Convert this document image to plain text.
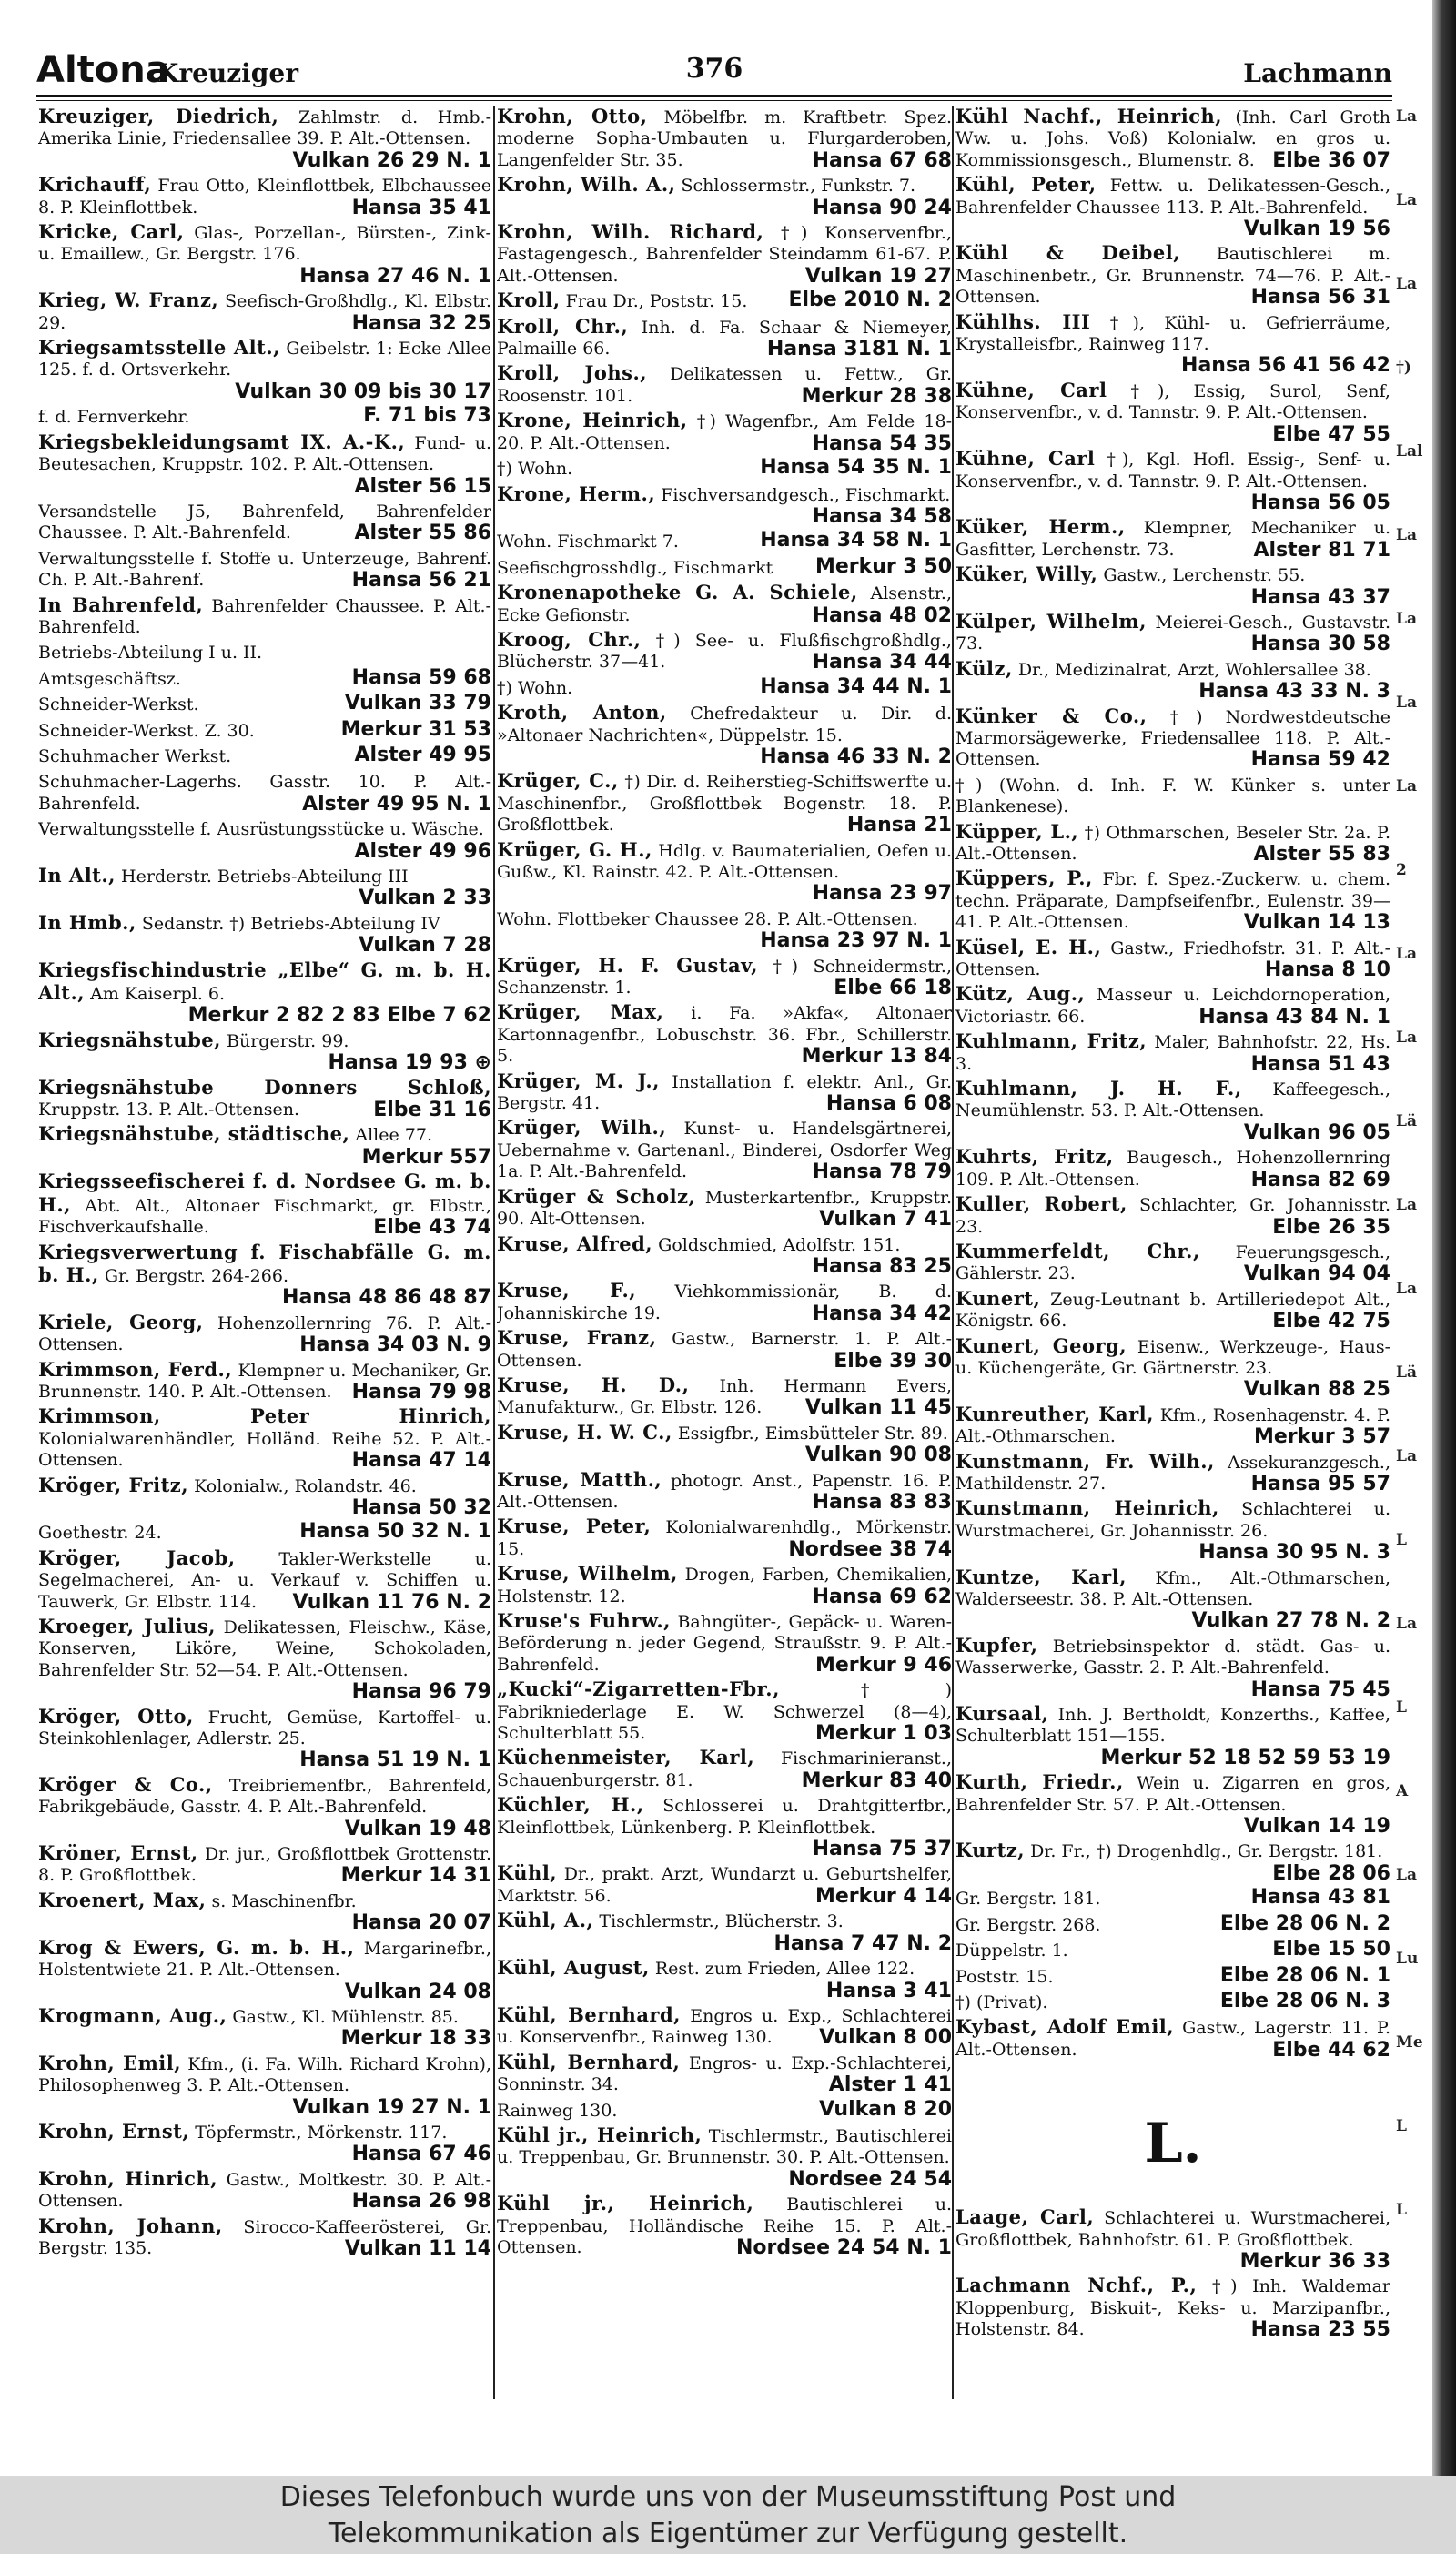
Altona
Kreuziger	376	Lachmann
Kreuziger, Diedrich, Zahlmstr. d. Hmb.-Amerika Linie, Friedensallee 39. P. Alt.-Ottensen.
Vulkan 26 29 N. 1
Krichauff, Frau Otto, Kleinflottbek, Elbchaussee 8. P. Kleinflottbek.	Hansa 35 41
Kricke, Carl, Glas-, Porzellan-, Bürsten-, Zink- u. Emaillew., Gr. Bergstr. 176.
Hansa 27 46 N. 1
Krieg, W. Franz, Seefisch-Großhdlg., Kl. Elbstr. 29.	Hansa 32 25
Kriegsamtsstelle Alt., Geibelstr. 1: Ecke Allee 125. f. d. Ortsverkehr.
Vulkan 30 09 bis 30 17
f. d. Fernverkehr.	F. 71 bis 73
Kriegsbekleidungsamt IX. A.-K., Fund- u. Beutesachen, Kruppstr. 102. P. Alt.-Ottensen.
Alster 56 15
Versandstelle J5, Bahrenfeld, Bahrenfelder Chaussee. P. Alt.-Bahrenfeld.	Alster 55 86
Verwaltungsstelle f. Stoffe u. Unterzeuge, Bahrenf. Ch. P. Alt.-Bahrenf.	Hansa 56 21
In Bahrenfeld, Bahrenfelder Chaussee. P. Alt.-Bahrenfeld.
Betriebs-Abteilung I u. II.
Amtsgeschäftsz.	Hansa 59 68
Schneider-Werkst.	Vulkan 33 79
Schneider-Werkst. Z. 30.	Merkur 31 53
Schuhmacher Werkst.	Alster 49 95
Schuhmacher-Lagerhs. Gasstr. 10. P. Alt.-Bahrenfeld.	Alster 49 95 N. 1
Verwaltungsstelle f. Ausrüstungsstücke u. Wäsche.
Alster 49 96
In Alt., Herderstr. Betriebs-Abteilung III
Vulkan 2 33
In Hmb., Sedanstr. †) Betriebs-Abteilung IV
Vulkan 7 28
Kriegsfischindustrie „Elbe“ G. m. b. H. Alt., Am Kaiserpl. 6.
Merkur 2 82 2 83 Elbe 7 62
Kriegsnähstube, Bürgerstr. 99.
Hansa 19 93 ⊕
Kriegsnähstube Donners Schloß, Kruppstr. 13. P. Alt.-Ottensen.	Elbe 31 16
Kriegsnähstube, städtische, Allee 77.
Merkur 557
Kriegsseefischerei f. d. Nordsee G. m. b. H., Abt. Alt., Altonaer Fischmarkt, gr. Elbstr., Fischverkaufshalle.	Elbe 43 74
Kriegsverwertung f. Fischabfälle G. m. b. H., Gr. Bergstr. 264-266.
Hansa 48 86 48 87
Kriele, Georg, Hohenzollernring 76. P. Alt.-Ottensen.	Hansa 34 03 N. 9
Krimmson, Ferd., Klempner u. Mechaniker, Gr. Brunnenstr. 140. P. Alt.-Ottensen. Hansa 79 98
Krimmson, Peter Hinrich, Kolonialwarenhändler, Holländ. Reihe 52. P. Alt.-Ottensen.	Hansa 47 14
Kröger, Fritz, Kolonialw., Rolandstr. 46.
Hansa 50 32
Goethestr. 24.	Hansa 50 32 N. 1
Kröger, Jacob,	Takler-Werkstelle u. Segelmacherei, An- u. Verkauf v. Schiffen u. Tauwerk, Gr. Elbstr. 114. Vulkan 11 76 N. 2
Kroeger, Julius, Delikatessen, Fleischw., Käse, Konserven, Liköre, Weine, Schokoladen, Bahrenfelder Str. 52—54. P. Alt.-Ottensen.
Hansa 96 79
Kröger, Otto, Frucht, Gemüse, Kartoffel- u. Steinkohlenlager, Adlerstr. 25.
Hansa 51 19 N. 1
Kröger & Co., Treibriemenfbr., Bahrenfeld, Fabrikgebäude, Gasstr. 4. P. Alt.-Bahrenfeld.
Vulkan 19 48
Kröner, Ernst, Dr. jur., Großflottbek Grottenstr. 8. P. Großflottbek.	Merkur 14 31
Kroenert, Max, s. Maschinenfbr.
Hansa 20 07
Krog & Ewers, G. m. b. H., Margarinefbr., Holstentwiete 21. P. Alt.-Ottensen.
Vulkan 24 08
Krogmann, Aug., Gastw., Kl. Mühlenstr. 85.
Merkur 18 33
Krohn, Emil, Kfm., (i. Fa. Wilh. Richard Krohn), Philosophenweg 3. P. Alt.-Ottensen.
Vulkan 19 27 N. 1
Krohn, Ernst, Töpfermstr., Mörkenstr. 117.
Hansa 67 46
Krohn, Hinrich, Gastw., Moltkestr. 30. P. Alt.-Ottensen.	Hansa 26 98
Krohn, Johann, Sirocco-Kaffeerösterei, Gr. Bergstr. 135.	Vulkan 11 14
Krohn, Otto, Möbelfbr. m. Kraftbetr. Spez. moderne Sopha-Umbauten u. Flurgarderoben, Langenfelder Str. 35.	Hansa 67 68
Krohn, Wilh. A., Schlossermstr., Funkstr. 7.
Hansa 90 24
Krohn, Wilh. Richard, †) Konservenfbr., Fastagengesch., Bahrenfelder Steindamm 61-67. P. Alt.-Ottensen.	Vulkan 19 27
Kroll, Frau Dr., Poststr. 15. Elbe 2010 N. 2
Kroll, Chr., Inh. d. Fa. Schaar & Niemeyer, Palmaille 66.	Hansa 3181 N. 1
Kroll, Johs., Delikatessen u. Fettw., Gr. Roosenstr. 101.	Merkur 28 38
Krone, Heinrich, †) Wagenfbr., Am Felde 18-20. P. Alt.-Ottensen.	Hansa 54 35
†) Wohn.	Hansa 54 35 N. 1
Krone, Herm., Fischversandgesch., Fischmarkt.
Hansa 34 58
Wohn. Fischmarkt 7.	Hansa 34 58 N. 1
Seefischgrosshdlg., Fischmarkt Merkur 3 50
Kronenapotheke G. A. Schiele, Alsenstr., Ecke Gefionstr.	Hansa 48 02
Kroog, Chr., †) See- u. Flußfischgroßhdlg., Blücherstr. 37—41.	Hansa 34 44
†) Wohn.	Hansa 34 44 N. 1
Kroth, Anton, Chefredakteur u. Dir. d. »Altonaer Nachrichten«, Düppelstr. 15.
Hansa 46 33 N. 2
Krüger, C., †) Dir. d. Reiherstieg-Schiffswerfte u. Maschinenfbr., Großflottbek Bogenstr. 18. P. Großflottbek.	Hansa 21
Krüger, G. H., Hdlg. v. Baumaterialien, Oefen u. Gußw., Kl. Rainstr. 42. P. Alt.-Ottensen.
Hansa 23 97
Wohn. Flottbeker Chaussee 28. P. Alt.-Ottensen.
Hansa 23 97 N. 1
Krüger, H. F. Gustav, †) Schneidermstr., Schanzenstr. 1.	Elbe 66 18
Krüger, Max, i. Fa. »Akfa«, Altonaer Kartonnagenfbr., Lobuschstr. 36. Fbr., Schillerstr. 5.	Merkur 13 84
Krüger, M. J., Installation f. elektr. Anl., Gr. Bergstr. 41.	Hansa 6 08
Krüger, Wilh., Kunst- u. Handelsgärtnerei, Uebernahme v. Gartenanl., Binderei, Osdorfer Weg 1a. P. Alt.-Bahrenfeld.	Hansa 78 79
Krüger & Scholz, Musterkartenfbr., Kruppstr. 90. Alt-Ottensen.	Vulkan 7 41
Kruse, Alfred, Goldschmied, Adolfstr. 151.
Hansa 83 25
Kruse, F., Viehkommissionär, B. d. Johanniskirche 19.	Hansa 34 42
Kruse, Franz, Gastw., Barnerstr. 1. P. Alt.-Ottensen.	Elbe 39 30
Kruse, H. D., Inh. Hermann Evers, Manufakturw., Gr. Elbstr. 126. Vulkan 11 45
Kruse, H. W. C., Essigfbr., Eimsbütteler Str. 89.
Vulkan 90 08
Kruse, Matth., photogr. Anst., Papenstr. 16. P. Alt.-Ottensen.	Hansa 83 83
Kruse, Peter, Kolonialwarenhdlg., Mörkenstr. 15.	Nordsee 38 74
Kruse, Wilhelm, Drogen, Farben, Chemikalien, Holstenstr. 12.	Hansa 69 62
Kruse's Fuhrw., Bahngüter-, Gepäck- u. Waren-Beförderung n. jeder Gegend, Straußstr. 9. P. Alt.-Bahrenfeld.	Merkur 9 46
„Kucki“-Zigarretten-Fbr.,	†) Fabrikniederlage E. W. Schwerzel (8—4), Schulterblatt 55.	Merkur 1 03
Küchenmeister, Karl, Fischmarinieranst., Schauenburgerstr. 81.	Merkur 83 40
Küchler, H., Schlosserei u. Drahtgitterfbr., Kleinflottbek, Lünkenberg. P. Kleinflottbek.
Hansa 75 37
Kühl, Dr., prakt. Arzt, Wundarzt u. Geburtshelfer, Marktstr. 56.	Merkur 4 14
Kühl, A., Tischlermstr., Blücherstr. 3.
Hansa 7 47 N. 2
Kühl, August, Rest. zum Frieden, Allee 122.
Hansa 3 41
Kühl, Bernhard, Engros u. Exp., Schlachterei u. Konservenfbr., Rainweg 130. Vulkan 8 00
Kühl, Bernhard, Engros- u. Exp.-Schlachterei, Sonninstr. 34.	Alster 1 41
Rainweg 130.	Vulkan 8 20
Kühl jr., Heinrich, Tischlermstr., Bautischlerei u. Treppenbau, Gr. Brunnenstr. 30. P. Alt.-Ottensen.
Nordsee 24 54
Kühl jr., Heinrich, Bautischlerei u. Treppenbau, Holländische Reihe 15. P. Alt.-Ottensen.	Nordsee 24 54 N. 1
Kühl Nachf., Heinrich, (Inh. Carl Groth Ww. u. Johs. Voß) Kolonialw. en gros u. Kommissionsgesch., Blumenstr. 8. Elbe 36 07
Kühl, Peter, Fettw. u. Delikatessen-Gesch., Bahrenfelder Chaussee 113. P. Alt.-Bahrenfeld.
Vulkan 19 56
Kühl & Deibel, Bautischlerei m. Maschinenbetr., Gr. Brunnenstr. 74—76. P. Alt.-Ottensen.	Hansa 56 31
Kühlhs. III †), Kühl- u. Gefrierräume, Krystalleisfbr., Rainweg 117.
Hansa 56 41 56 42
Kühne, Carl †), Essig, Surol, Senf, Konservenfbr., v. d. Tannstr. 9. P. Alt.-Ottensen.
Elbe 47 55
Kühne, Carl †), Kgl. Hofl. Essig-, Senf- u. Konservenfbr., v. d. Tannstr. 9. P. Alt.-Ottensen.
Hansa 56 05
Küker, Herm., Klempner, Mechaniker u. Gasfitter, Lerchenstr. 73.	Alster 81 71
Küker, Willy, Gastw., Lerchenstr. 55.
Hansa 43 37
Külper, Wilhelm, Meierei-Gesch., Gustavstr. 73.	Hansa 30 58
Külz, Dr., Medizinalrat, Arzt, Wohlersallee 38.
Hansa 43 33 N. 3
Künker & Co., †) Nordwestdeutsche Marmorsägewerke, Friedensallee 118. P. Alt.-Ottensen.	Hansa 59 42
†) (Wohn. d. Inh. F. W. Künker s. unter Blankenese).
Küpper, L., †) Othmarschen, Beseler Str. 2a. P. Alt.-Ottensen.	Alster 55 83
Küppers, P., Fbr. f. Spez.-Zuckerw. u. chem. techn. Präparate, Dampfseifenfbr., Eulenstr. 39—41. P. Alt.-Ottensen.	Vulkan 14 13
Küsel, E. H., Gastw., Friedhofstr. 31. P. Alt.-Ottensen.	Hansa 8 10
Kütz, Aug., Masseur u. Leichdornoperation, Victoriastr. 66.	Hansa 43 84 N. 1
Kuhlmann, Fritz, Maler, Bahnhofstr. 22, Hs. 3.	Hansa 51 43
Kuhlmann, J. H. F., Kaffeegesch., Neumühlenstr. 53. P. Alt.-Ottensen.
Vulkan 96 05
Kuhrts, Fritz, Baugesch., Hohenzollernring 109. P. Alt.-Ottensen.	Hansa 82 69
Kuller, Robert, Schlachter, Gr. Johannisstr. 23.	Elbe 26 35
Kummerfeldt, Chr., Feuerungsgesch., Gählerstr. 23.	Vulkan 94 04
Kunert, Zeug-Leutnant b. Artilleriedepot Alt., Königstr. 66.	Elbe 42 75
Kunert, Georg, Eisenw., Werkzeuge-, Haus- u. Küchengeräte, Gr. Gärtnerstr. 23.
Vulkan 88 25
Kunreuther, Karl, Kfm., Rosenhagenstr. 4. P. Alt.-Othmarschen.	Merkur 3 57
Kunstmann, Fr. Wilh., Assekuranzgesch., Mathildenstr. 27.	Hansa 95 57
Kunstmann, Heinrich, Schlachterei u. Wurstmacherei, Gr. Johannisstr. 26.
Hansa 30 95 N. 3
Kuntze, Karl, Kfm., Alt.-Othmarschen, Walderseestr. 38. P. Alt.-Ottensen.
Vulkan 27 78 N. 2
Kupfer, Betriebsinspektor d. städt. Gas- u. Wasserwerke, Gasstr. 2. P. Alt.-Bahrenfeld.
Hansa 75 45
Kursaal, Inh. J. Bertholdt, Konzerths., Kaffee, Schulterblatt 151—155.
Merkur 52 18 52 59 53 19
Kurth, Friedr., Wein u. Zigarren en gros, Bahrenfelder Str. 57. P. Alt.-Ottensen.
Vulkan 14 19
Kurtz, Dr. Fr., †) Drogenhdlg., Gr. Bergstr. 181.
Elbe 28 06
Gr. Bergstr. 181.	Hansa 43 81
Gr. Bergstr. 268.	Elbe 28 06 N. 2
Düppelstr. 1.	Elbe 15 50
Poststr. 15.	Elbe 28 06 N. 1
†) (Privat).	Elbe 28 06 N. 3
Kybast, Adolf Emil, Gastw., Lagerstr. 11. P. Alt.-Ottensen.	Elbe 44 62
L.
Laage, Carl, Schlachterei u. Wurstmacherei, Großflottbek, Bahnhofstr. 61. P. Großflottbek.
Merkur 36 33
Lachmann Nchf., P., †) Inh. Waldemar Kloppenburg, Biskuit-, Keks- u. Marzipanfbr., Holstenstr. 84.	Hansa 23 55
La
La
La
†)
Lal
La
La
La
La
2
La
La
Lä
La
La
Lä
La
L
La
L
A
La
Lu
Me
L
L

Dieses Telefonbuch wurde uns von der Museumsstiftung Post und

Telekommunikation als Eigentümer zur Verfügung gestellt.
